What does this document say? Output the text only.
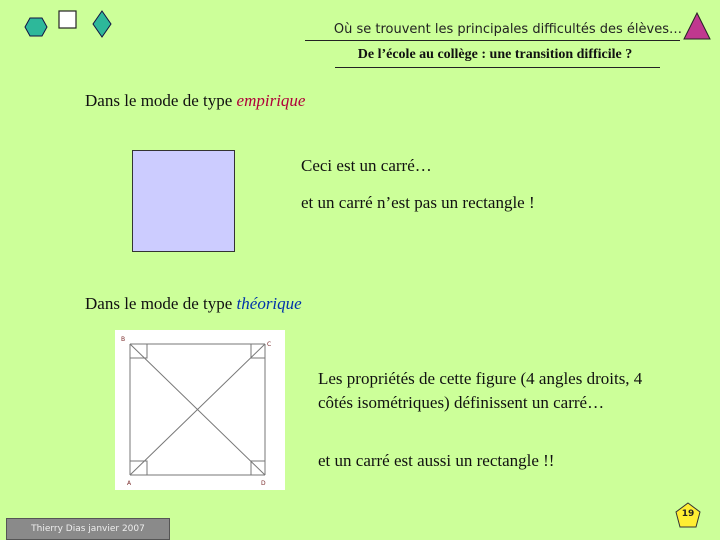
Où se trouvent les principales difficultés des élèves…
De l’école au collège : une transition difficile ?
Dans le mode de type empirique
Ceci est un carré…
et un carré n’est pas un rectangle !
Dans le mode de type théorique
B
C
A	D
Les propriétés de cette figure (4 angles droits, 4 côtés isométriques) définissent un carré…
et un carré est aussi un rectangle !!
Thierry Dias janvier 2007
19
